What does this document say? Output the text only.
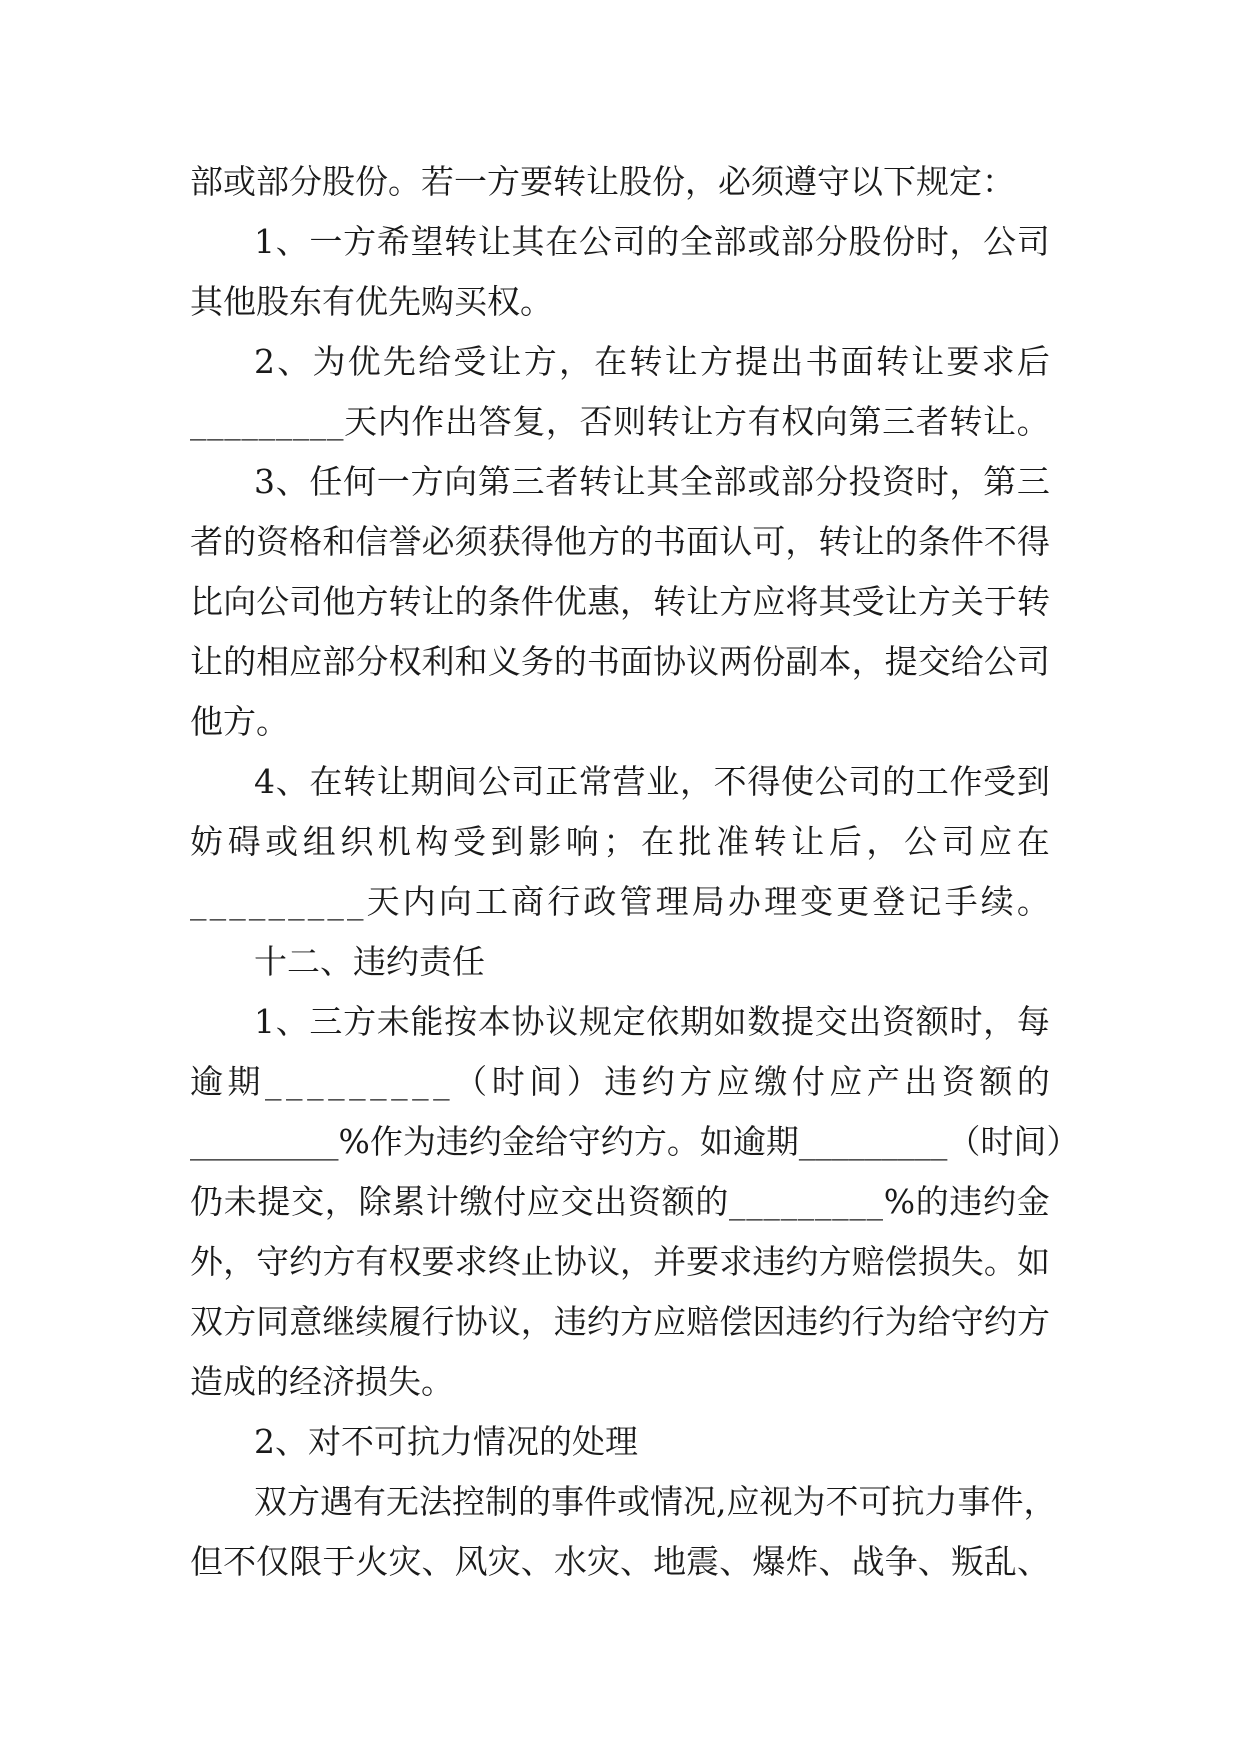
部或部分股份。若一方要转让股份，必须遵守以下规定：
1 、 一 方 希 望 转 让 其 在 公 司 的 全 部 或 部 分 股 份 时 ， 公 司
其他股东有优先购买权。
2 、 为 优 先 给 受 让 方 ， 在 转 让 方 提 出 书 面 转 让 要 求 后
_ _ _ _ _ _ _ _ _ 天 内 作 出 答 复 ， 否 则 转 让 方 有 权 向 第 三 者 转 让 。
3 、 任 何 一 方 向 第 三 者 转 让 其 全 部 或 部 分 投 资 时 ， 第 三
者 的 资 格 和 信 誉 必 须 获 得 他 方 的 书 面 认 可 ， 转 让 的 条 件 不 得
比 向 公 司 他 方 转 让 的 条 件 优 惠 ， 转 让 方 应 将 其 受 让 方 关 于 转
让 的 相 应 部 分 权 利 和 义 务 的 书 面 协 议 两 份 副 本 ， 提 交 给 公 司
他方。
4 、 在 转 让 期 间 公 司 正 常 营 业 ， 不 得 使 公 司 的 工 作 受 到
妨 碍 或 组 织 机 构 受 到 影 响 ； 在 批 准 转 让 后 ， 公 司 应 在
_ _ _ _ _ _ _ _ _ 天 内 向 工 商 行 政 管 理 局 办 理 变 更 登 记 手 续 。
十二、违约责任
1 、 三 方 未 能 按 本 协 议 规 定 依 期 如 数 提 交 出 资 额 时 ， 每
逾 期 _ _ _ _ _ _ _ _ _ （ 时 间 ） 违 约 方 应 缴 付 应 产 出 资 额 的
_ _ _ _ _ _ _ _ _ % 作 为 违 约 金 给 守 约 方 。 如 逾 期 _ _ _ _ _ _ _ _ _ （ 时 间 ）
仍 未 提 交 ， 除 累 计 缴 付 应 交 出 资 额 的 _ _ _ _ _ _ _ _ _ % 的 违 约 金
外 ， 守 约 方 有 权 要 求 终 止 协 议 ， 并 要 求 违 约 方 赔 偿 损 失 。 如
双 方 同 意 继 续 履 行 协 议 ， 违 约 方 应 赔 偿 因 违 约 行 为 给 守 约 方
造成的经济损失。
2、对不可抗力情况的处理
双 方 遇 有 无 法 控 制 的 事 件 或 情 况 , 应 视 为 不 可 抗 力 事 件 ，
但 不 仅 限 于 火 灾 、 风 灾 、 水 灾 、 地 震 、 爆 炸 、 战 争 、 叛 乱 、
